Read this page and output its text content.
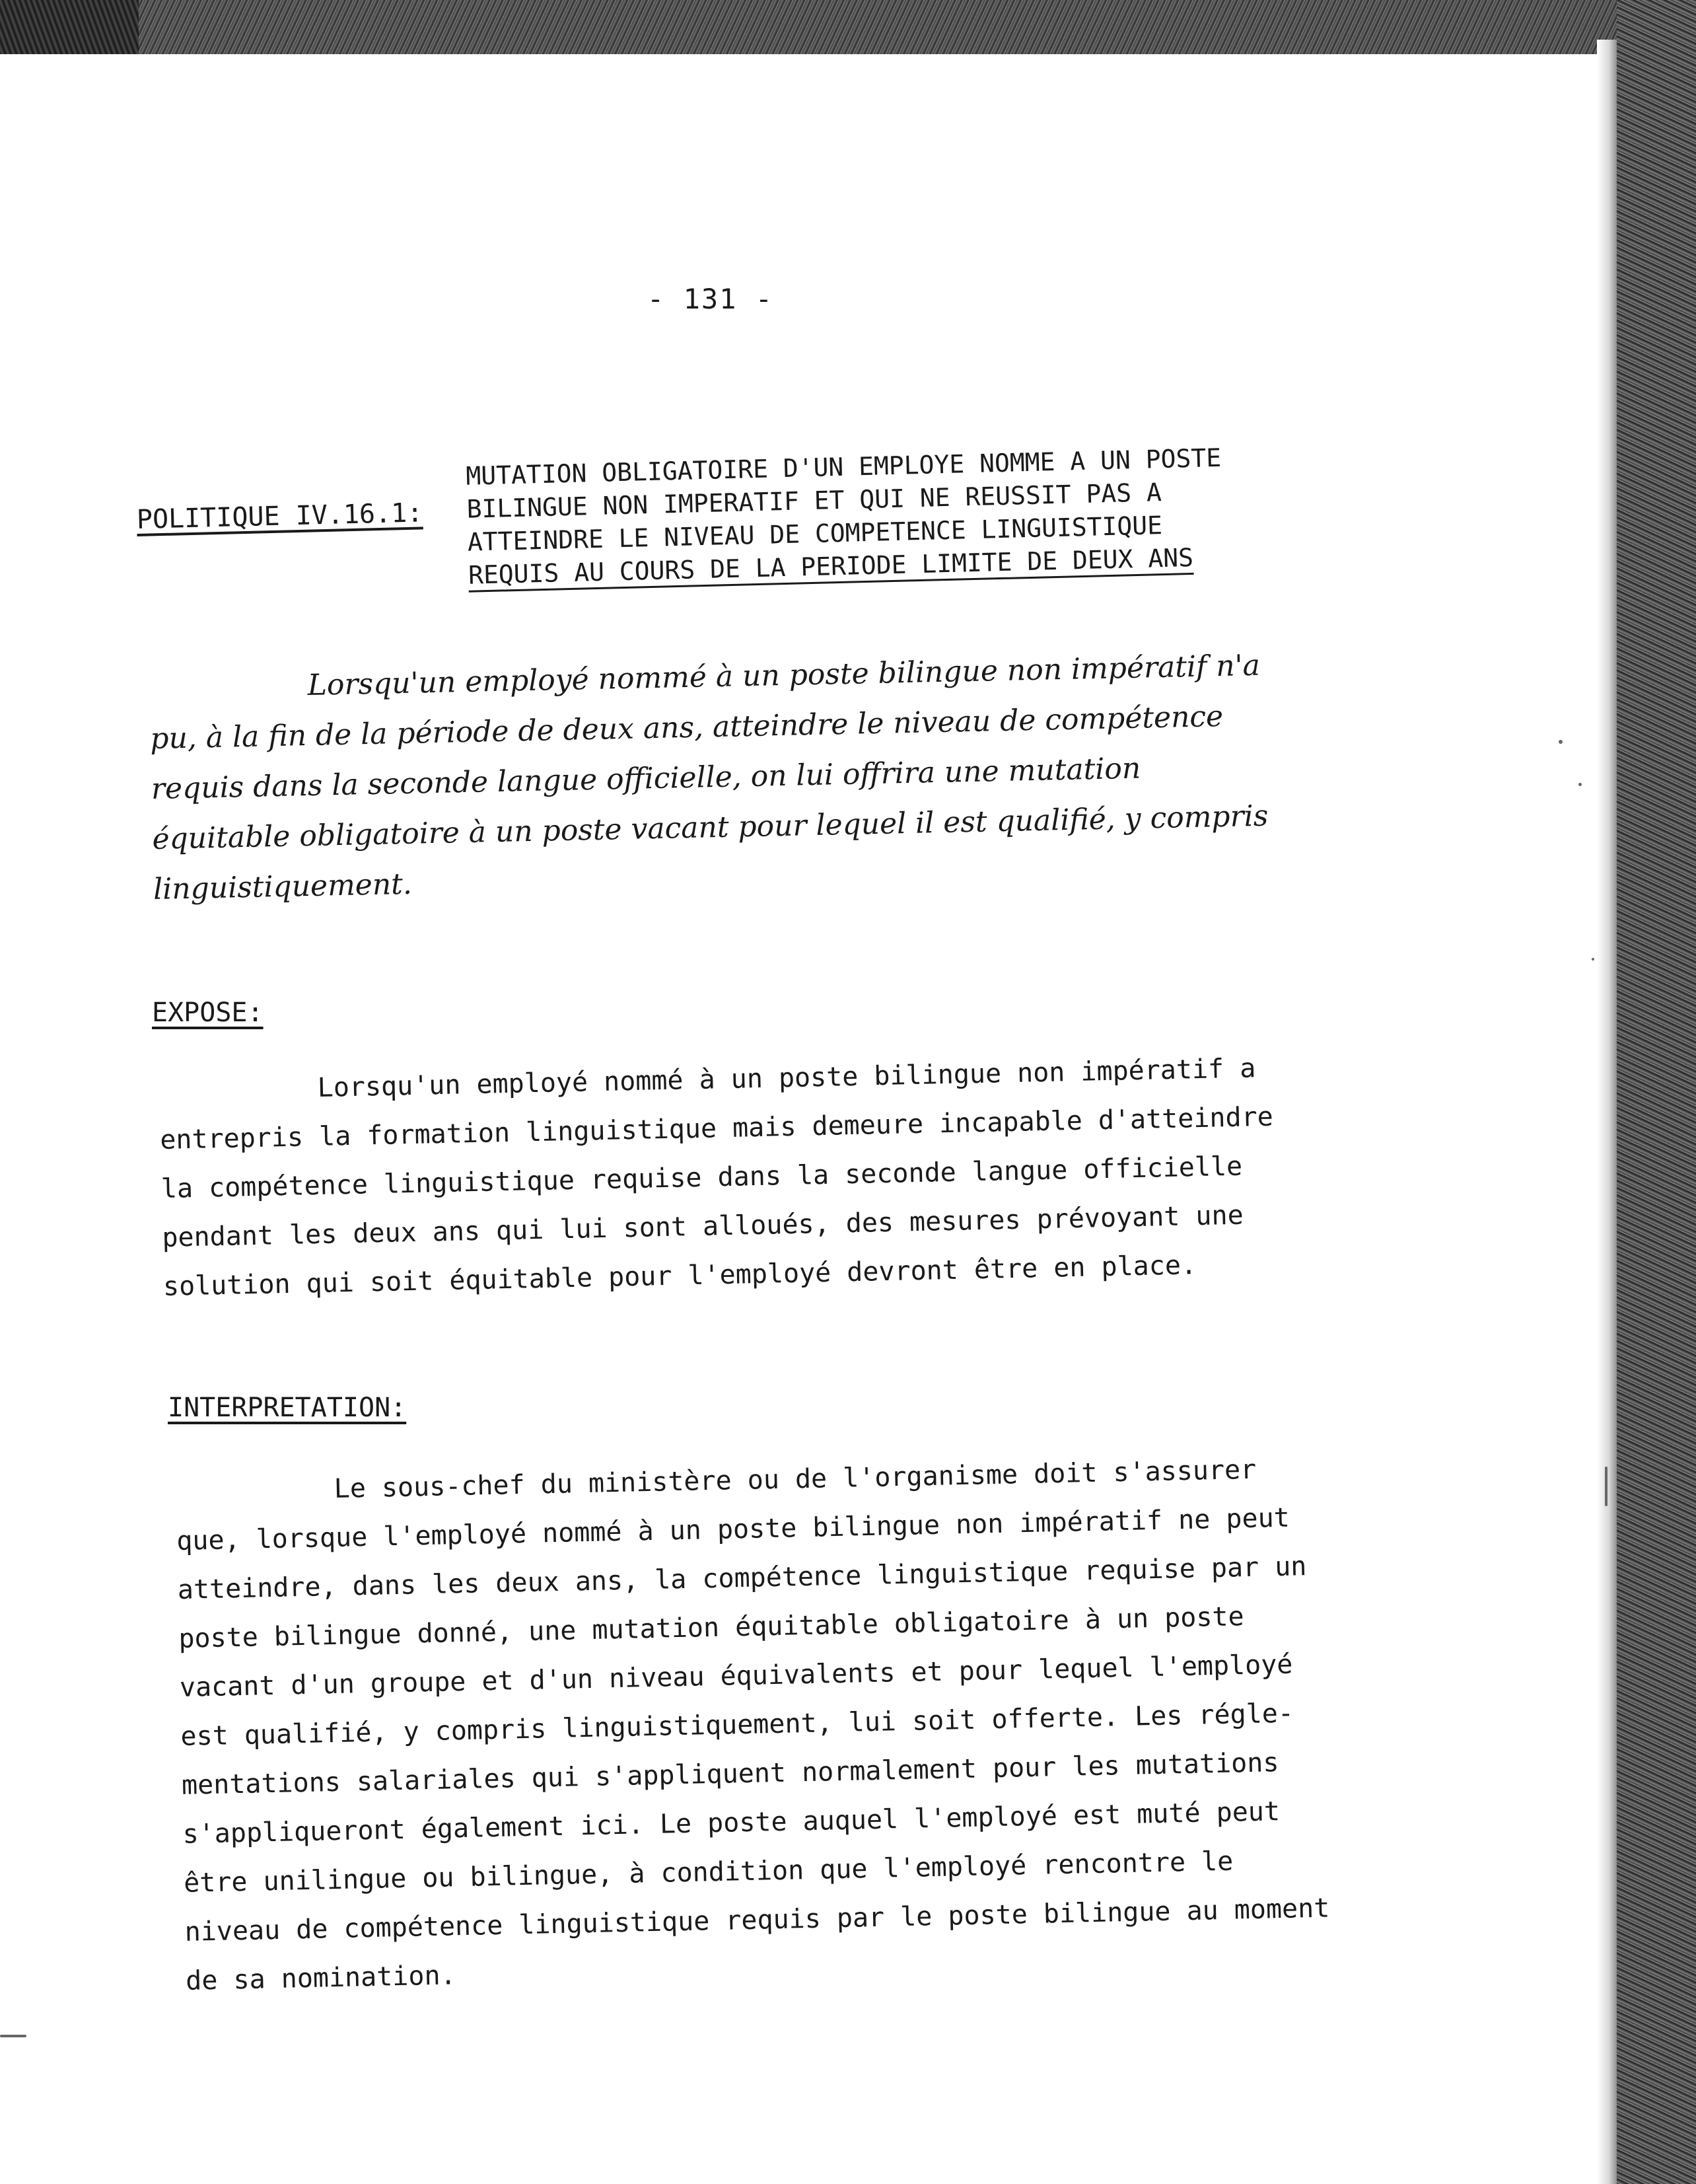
- 131 -
POLITIQUE IV.16.1:
MUTATION OBLIGATOIRE D'UN EMPLOYE NOMME A UN POSTE
BILINGUE NON IMPERATIF ET QUI NE REUSSIT PAS A
ATTEINDRE LE NIVEAU DE COMPETENCE LINGUISTIQUE
REQUIS AU COURS DE LA PERIODE LIMITE DE DEUX ANS
Lorsqu'un employé nommé à un poste bilingue non impératif n'a
pu, à la fin de la période de deux ans, atteindre le niveau de compétence
requis dans la seconde langue officielle, on lui offrira une mutation
équitable obligatoire à un poste vacant pour lequel il est qualifié, y compris
linguistiquement.
EXPOSE:
Lorsqu'un employé nommé à un poste bilingue non impératif a
entrepris la formation linguistique mais demeure incapable d'atteindre
la compétence linguistique requise dans la seconde langue officielle
pendant les deux ans qui lui sont alloués, des mesures prévoyant une
solution qui soit équitable pour l'employé devront être en place.
INTERPRETATION:
Le sous-chef du ministère ou de l'organisme doit s'assurer
que, lorsque l'employé nommé à un poste bilingue non impératif ne peut
atteindre, dans les deux ans, la compétence linguistique requise par un
poste bilingue donné, une mutation équitable obligatoire à un poste
vacant d'un groupe et d'un niveau équivalents et pour lequel l'employé
est qualifié, y compris linguistiquement, lui soit offerte. Les régle-
mentations salariales qui s'appliquent normalement pour les mutations
s'appliqueront également ici. Le poste auquel l'employé est muté peut
être unilingue ou bilingue, à condition que l'employé rencontre le
niveau de compétence linguistique requis par le poste bilingue au moment
de sa nomination.
